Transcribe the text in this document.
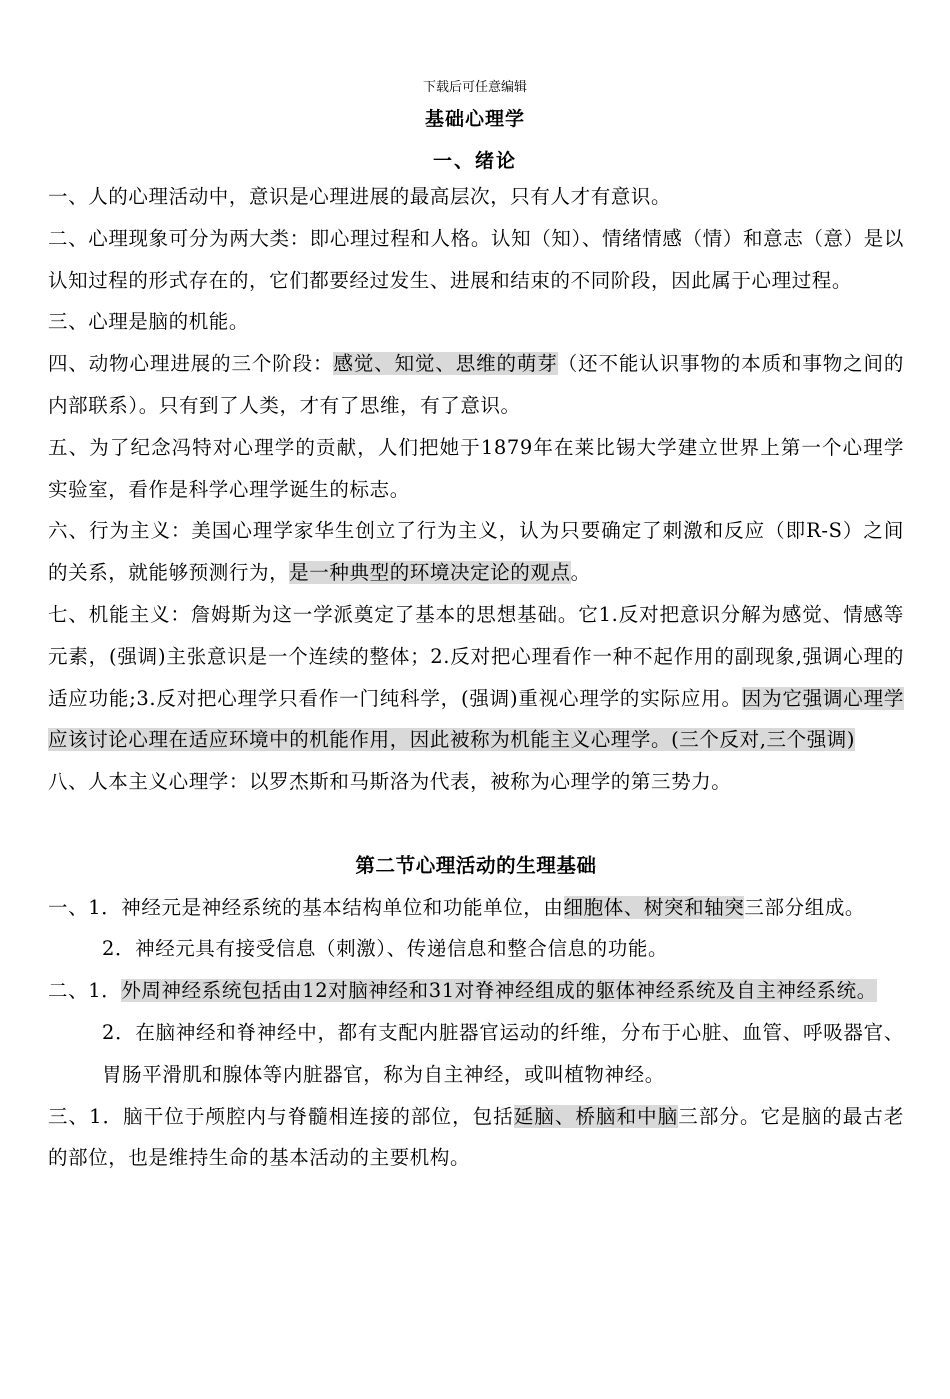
下载后可任意编辑
基础心理学
一、绪论

一、人的心理活动中，意识是心理进展的最高层次，只有人才有意识。

二、心理现象可分为两大类：即心理过程和人格。认知（知）、情绪情感（情）和意志（意）是以认知过程的形式存在的，它们都要经过发生、进展和结束的不同阶段，因此属于心理过程。

三、心理是脑的机能。

四、动物心理进展的三个阶段：感觉、知觉、思维的萌芽（还不能认识事物的本质和事物之间的内部联系）。只有到了人类，才有了思维，有了意识。

五、为了纪念冯特对心理学的贡献，人们把她于1879年在莱比锡大学建立世界上第一个心理学实验室，看作是科学心理学诞生的标志。

六、行为主义：美国心理学家华生创立了行为主义，认为只要确定了刺激和反应（即R-S）之间的关系，就能够预测行为，是一种典型的环境决定论的观点。

七、机能主义：詹姆斯为这一学派奠定了基本的思想基础。它1.反对把意识分解为感觉、情感等元素，(强调)主张意识是一个连续的整体；2.反对把心理看作一种不起作用的副现象,强调心理的适应功能;3.反对把心理学只看作一门纯科学，(强调)重视心理学的实际应用。因为它强调心理学应该讨论心理在适应环境中的机能作用，因此被称为机能主义心理学。(三个反对,三个强调)

八、人本主义心理学：以罗杰斯和马斯洛为代表，被称为心理学的第三势力。

第二节心理活动的生理基础

一、1．神经元是神经系统的基本结构单位和功能单位，由细胞体、树突和轴突三部分组成。

2．神经元具有接受信息（刺激）、传递信息和整合信息的功能。

二、1．外周神经系统包括由12对脑神经和31对脊神经组成的躯体神经系统及自主神经系统。

2．在脑神经和脊神经中，都有支配内脏器官运动的纤维，分布于心脏、血管、呼吸器官、胃肠平滑肌和腺体等内脏器官，称为自主神经，或叫植物神经。

三、1．脑干位于颅腔内与脊髓相连接的部位，包括延脑、桥脑和中脑三部分。它是脑的最古老的部位，也是维持生命的基本活动的主要机构。
